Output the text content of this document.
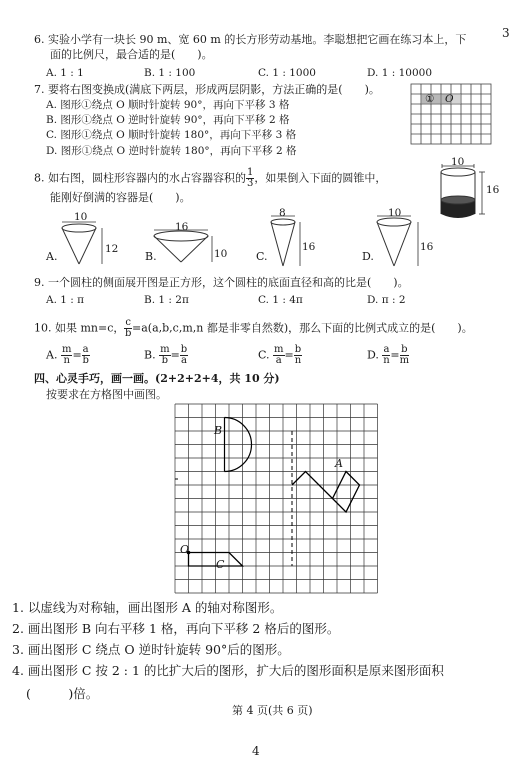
6. 实验小学有一块长 90 m、宽 60 m 的长方形劳动基地。李聪想把它画在练习本上，下
面的比例尺，最合适的是(　　)。
A. 1 : 1	B. 1 : 100	C. 1 : 1000	D. 1 : 10000
3
7. 要将右图变换成(满底下两层，形成两层阴影，方法正确的是(　　)。
A. 图形①绕点 O 顺时针旋转 90°，再向下平移 3 格
B. 图形①绕点 O 逆时针旋转 90°，再向下平移 2 格
C. 图形①绕点 O 顺时针旋转 180°，再向下平移 3 格
D. 图形①绕点 O 逆时针旋转 180°，再向下平移 2 格
① O
8. 如右图，圆柱形容器内的水占容器容积的 $\frac{1}{3}$ ，如果倒入下面的圆锥中，
能刚好倒满的容器是(　　)。
10
16
10
12
A.
16
10
B.
8
16
C.
10
16
D.
9. 一个圆柱的侧面展开图是正方形，这个圆柱的底面直径和高的比是(　　)。
A. 1 : π	B. 1 : 2π	C. 1 : 4π	D. π : 2
10. 如果 mn=c， $\frac{c}{b} =a(a,b,c,m,n$ 都是非零自然数)，那么下面的比例式成立的是(　　)。
A. $\frac{m}{n} = \frac{a}{b}$	B. $\frac{m}{b} = \frac{b}{a}$	C. $\frac{m}{a} = \frac{b}{n}$	D. $\frac{a}{n} = \frac{b}{m}$
四、心灵手巧，画一画。(2+2+2+4，共 10 分)
按要求在方格图中画图。
B
A
O
C
1. 以虚线为对称轴，画出图形 A 的轴对称图形。
2. 画出图形 B 向右平移 1 格，再向下平移 2 格后的图形。
3. 画出图形 C 绕点 O 逆时针旋转 90°后的图形。
4. 画出图形 C 按 2 : 1 的比扩大后的图形，扩大后的图形面积是原来图形面积
(　　　)倍。
第 4 页(共 6 页)
4
